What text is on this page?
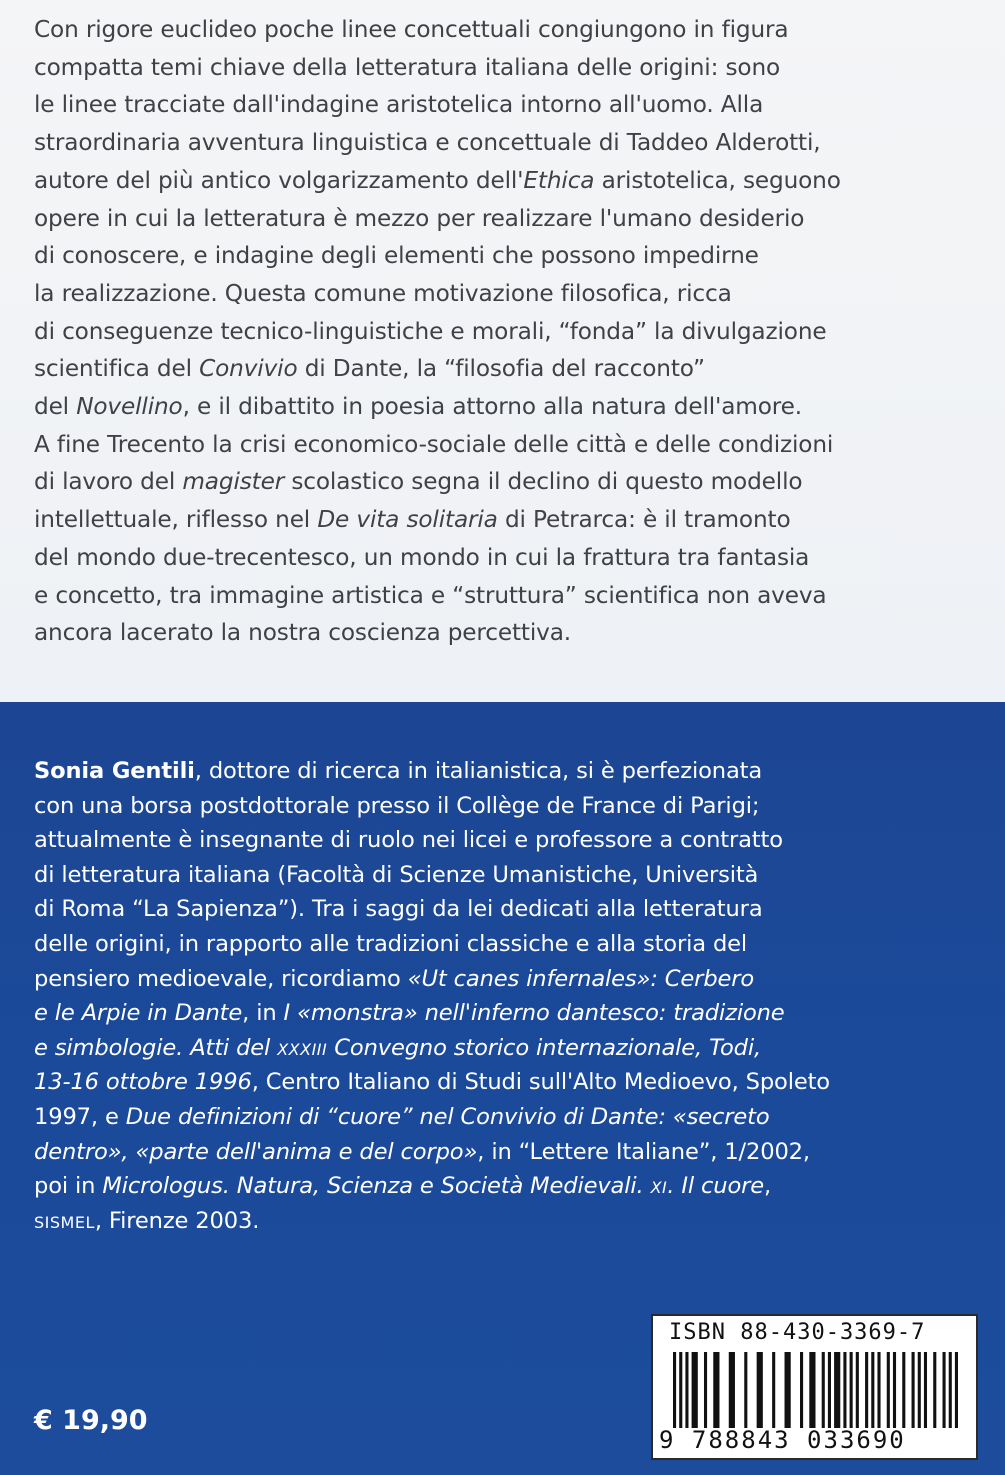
Con rigore euclideo poche linee concettuali congiungono in figura
compatta temi chiave della letteratura italiana delle origini: sono
le linee tracciate dall'indagine aristotelica intorno all'uomo. Alla
straordinaria avventura linguistica e concettuale di Taddeo Alderotti,
autore del più antico volgarizzamento dell'Ethica aristotelica, seguono
opere in cui la letteratura è mezzo per realizzare l'umano desiderio
di conoscere, e indagine degli elementi che possono impedirne
la realizzazione. Questa comune motivazione filosofica, ricca
di conseguenze tecnico-linguistiche e morali, “fonda” la divulgazione
scientifica del Convivio di Dante, la “filosofia del racconto”
del Novellino, e il dibattito in poesia attorno alla natura dell'amore.
A fine Trecento la crisi economico-sociale delle città e delle condizioni
di lavoro del magister scolastico segna il declino di questo modello
intellettuale, riflesso nel De vita solitaria di Petrarca: è il tramonto
del mondo due-trecentesco, un mondo in cui la frattura tra fantasia
e concetto, tra immagine artistica e “struttura” scientifica non aveva
ancora lacerato la nostra coscienza percettiva.
Sonia Gentili, dottore di ricerca in italianistica, si è perfezionata
con una borsa postdottorale presso il Collège de France di Parigi;
attualmente è insegnante di ruolo nei licei e professore a contratto
di letteratura italiana (Facoltà di Scienze Umanistiche, Università
di Roma “La Sapienza”). Tra i saggi da lei dedicati alla letteratura
delle origini, in rapporto alle tradizioni classiche e alla storia del
pensiero medioevale, ricordiamo «Ut canes infernales»: Cerbero
e le Arpie in Dante, in I «monstra» nell'inferno dantesco: tradizione
e simbologie. Atti del xxxiii Convegno storico internazionale, Todi,
13-16 ottobre 1996, Centro Italiano di Studi sull'Alto Medioevo, Spoleto
1997, e Due definizioni di “cuore” nel Convivio di Dante: «secreto
dentro», «parte dell'anima e del corpo», in “Lettere Italiane”, 1/2002,
poi in Micrologus. Natura, Scienza e Società Medievali. xi. Il cuore,
sismel, Firenze 2003.
ISBN 88-430-3369-7
9 788843 033690
€ 19,90
